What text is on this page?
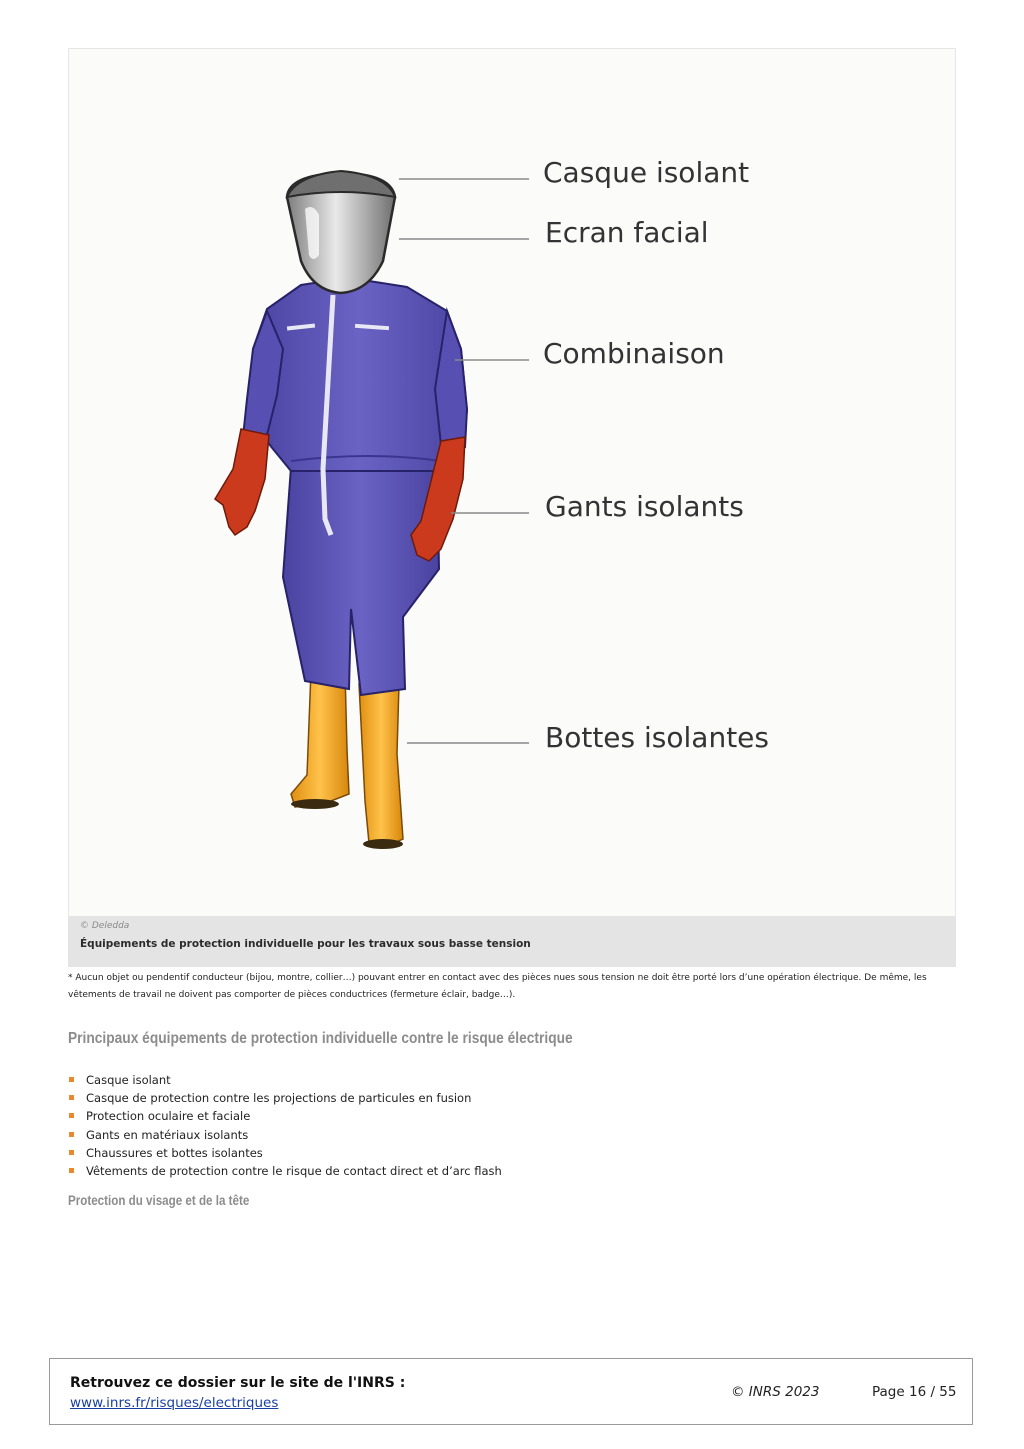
Casque isolant
Ecran facial
Combinaison
Gants isolants
Bottes isolantes
© Deledda
Équipements de protection individuelle pour les travaux sous basse tension
* Aucun objet ou pendentif conducteur (bijou, montre, collier…) pouvant entrer en contact avec des pièces nues sous tension ne doit être porté lors d’une opération électrique. De même, les vêtements de travail ne doivent pas comporter de pièces conductrices (fermeture éclair, badge…).
Principaux équipements de protection individuelle contre le risque électrique
Casque isolant
Casque de protection contre les projections de particules en fusion
Protection oculaire et faciale
Gants en matériaux isolants
Chaussures et bottes isolantes
Vêtements de protection contre le risque de contact direct et d’arc flash
Protection du visage et de la tête
Retrouvez ce dossier sur le site de l'INRS :
www.inrs.fr/risques/electriques
© INRS 2023	Page 16 / 55
